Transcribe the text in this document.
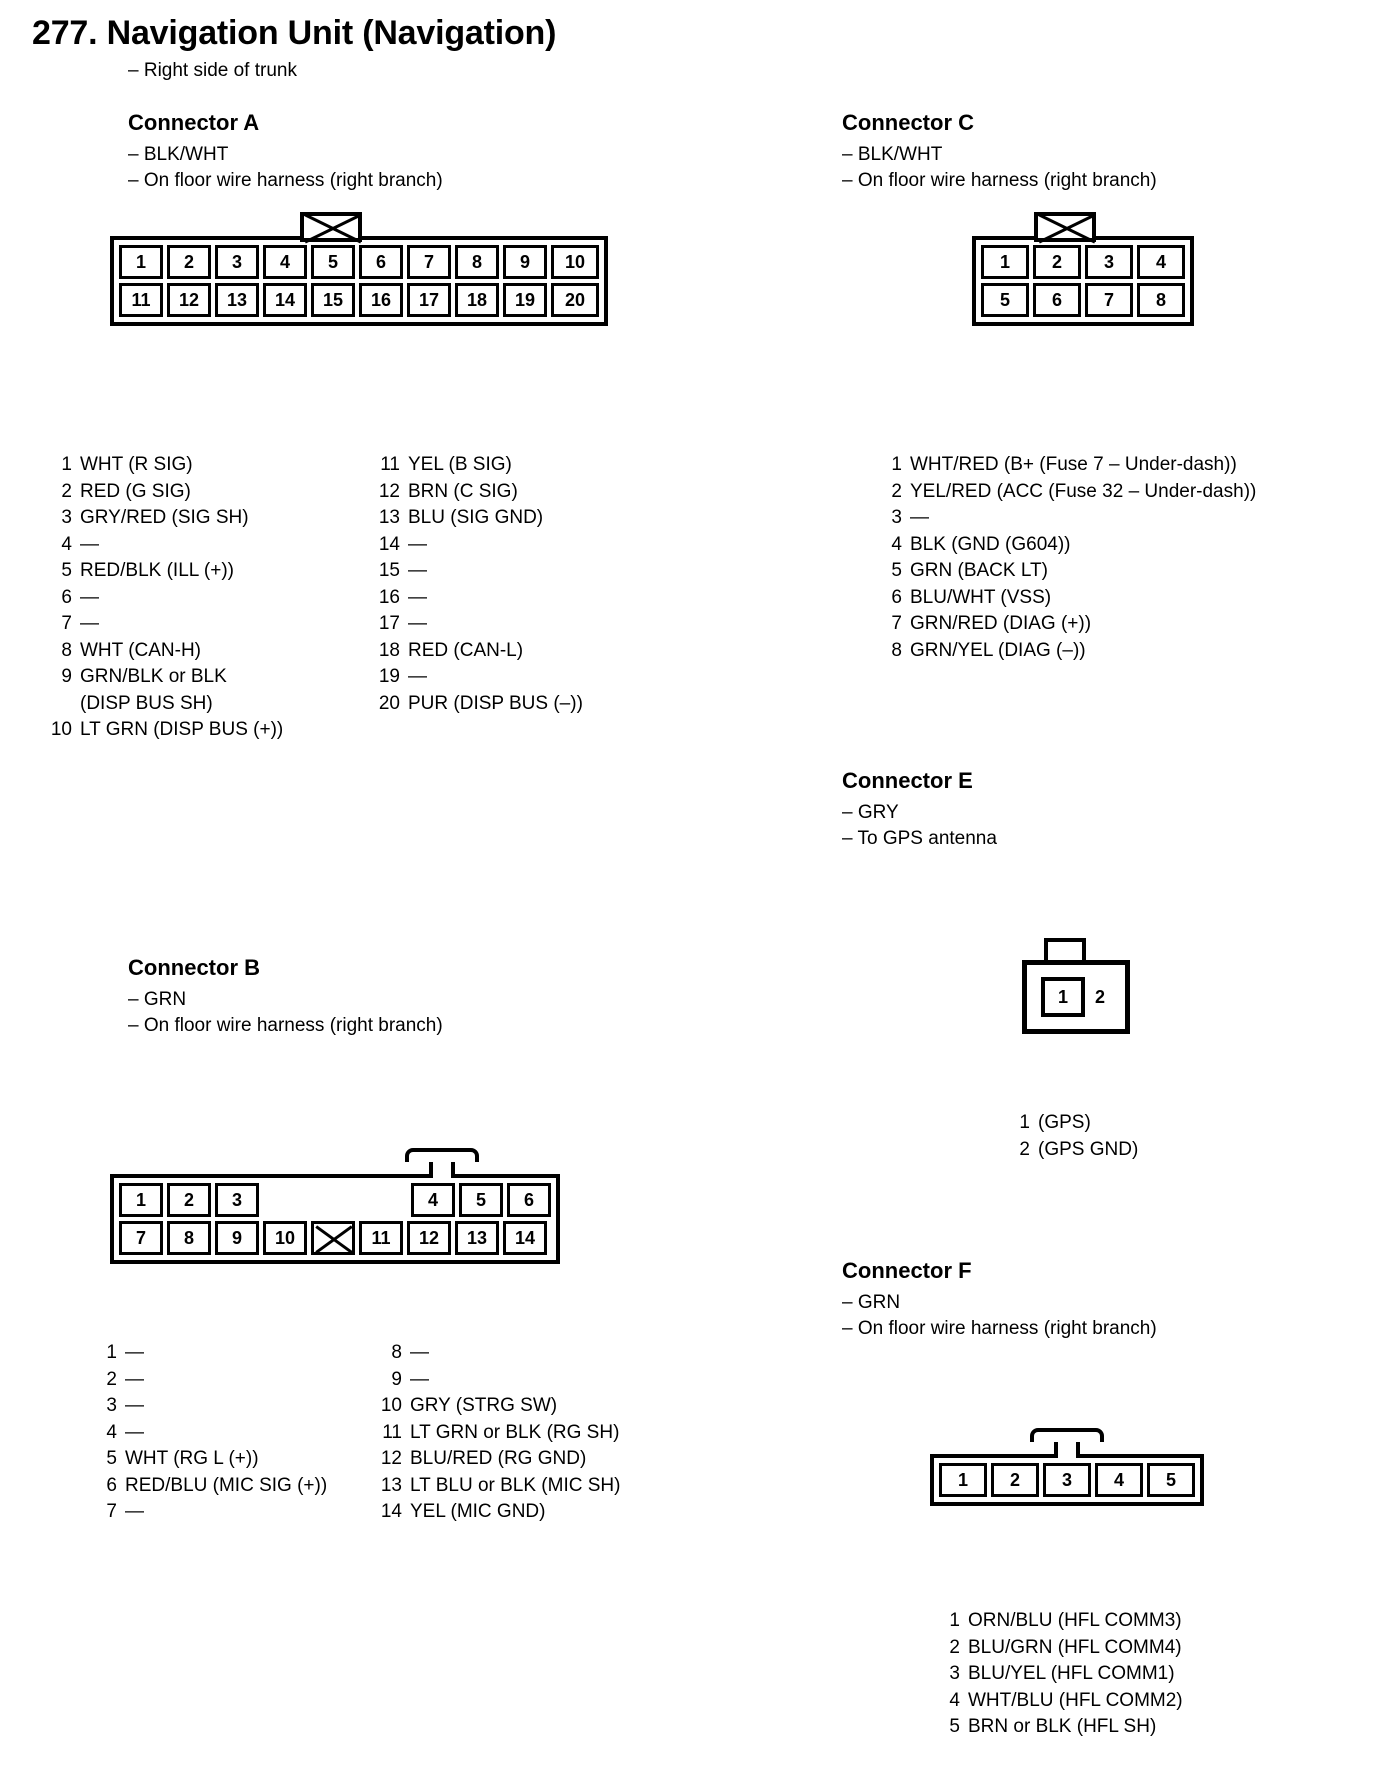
277. Navigation Unit (Navigation)
– Right side of trunk
Connector A
– BLK/WHT
– On floor wire harness (right branch)
1	2	3	4	5	6	7	8	9	10
11	12	13	14	15	16	17	18	19	20
1 WHT (R SIG)
2 RED (G SIG)
3 GRY/RED (SIG SH)
4 —
5 RED/BLK (ILL (+))
6 —
7 —
8 WHT (CAN-H)
9 GRN/BLK or BLK
(DISP BUS SH)
10 LT GRN (DISP BUS (+))
11 YEL (B SIG)
12 BRN (C SIG)
13 BLU (SIG GND)
14 —
15 —
16 —
17 —
18 RED (CAN-L)
19 —
20 PUR (DISP BUS (–))
Connector B
– GRN
– On floor wire harness (right branch)
1	2	3	4	5	6
7	8	9	10	11	12	13	14
1 —
2 —
3 —
4 —
5 WHT (RG L (+))
6 RED/BLU (MIC SIG (+))
7 —
8 —
9 —
10 GRY (STRG SW)
11 LT GRN or BLK (RG SH)
12 BLU/RED (RG GND)
13 LT BLU or BLK (MIC SH)
14 YEL (MIC GND)
Connector C
– BLK/WHT
– On floor wire harness (right branch)
1	2	3	4
5	6	7	8
1 WHT/RED (B+ (Fuse 7 – Under-dash))
2 YEL/RED (ACC (Fuse 32 – Under-dash))
3 —
4 BLK (GND (G604))
5 GRN (BACK LT)
6 BLU/WHT (VSS)
7 GRN/RED (DIAG (+))
8 GRN/YEL (DIAG (–))
Connector E
– GRY
– To GPS antenna
1	2
1 (GPS)
2 (GPS GND)
Connector F
– GRN
– On floor wire harness (right branch)
1	2	3	4	5
1 ORN/BLU (HFL COMM3)
2 BLU/GRN (HFL COMM4)
3 BLU/YEL (HFL COMM1)
4 WHT/BLU (HFL COMM2)
5 BRN or BLK (HFL SH)
